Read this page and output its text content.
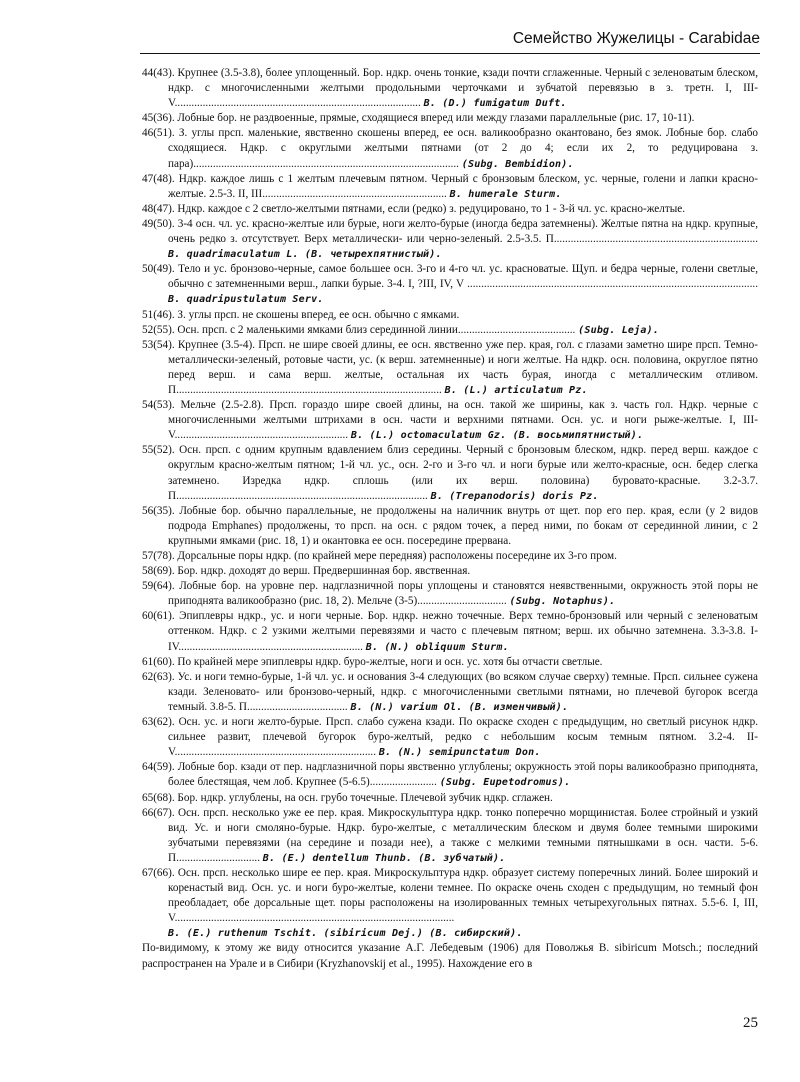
Семейство Жужелицы - Carabidae

44(43). Крупнее (3.5-3.8), более уплощенный. Бор. ндкр. очень тонкие, кзади почти сглаженные. Черный с зеленоватым блеском, ндкр. с многочисленными желтыми продольными черточками и зубчатой перевязью в з. третн. I, III-V........................................................................................ B. (D.) fumigatum Duft.

45(36). Лобные бор. не раздвоенные, прямые, сходящиеся вперед или между глазами параллельные (рис. 17, 10-11).

46(51). З. углы прсп. маленькие, явственно скошены вперед, ее осн. валикообразно окантовано, без ямок. Лобные бор. слабо сходящиеся. Ндкр. с округлыми желтыми пятнами (от 2 до 4; если их 2, то редуцирована з. пара)............................................................................................... (Subg. Bembidion).

47(48). Ндкр. каждое лишь с 1 желтым плечевым пятном. Черный с бронзовым блеском, ус. черные, голени и лапки красно-желтые. 2.5-3. II, III.................................................................. B. humerale Sturm.

48(47). Ндкр. каждое с 2 светло-желтыми пятнами, если (редко) з. редуцировано, то 1 - 3-й чл. ус. красно-желтые.

49(50). 3-4 осн. чл. ус. красно-желтые или бурые, ноги желто-бурые (иногда бедра затемнены). Желтые пятна на ндкр. крупные, очень редко з. отсутствует. Верх металлически- или черно-зеленый. 2.5-3.5. П......................................................................... B. quadrimaculatum L. (B. четырехпятнистый).

50(49). Тело и ус. бронзово-черные, самое большее осн. 3-го и 4-го чл. ус. красноватые. Щуп. и бедра черные, голени светлые, обычно с затемненными верш., лапки бурые. 3-4. I, ?III, IV, V ........................................................................................................ B. quadripustulatum Serv.

51(46). З. углы прсп. не скошены вперед, ее осн. обычно с ямками.

52(55). Осн. прсп. с 2 маленькими ямками близ серединной линии.......................................... (Subg. Leja).

53(54). Крупнее (3.5-4). Прсп. не шире своей длины, ее осн. явственно уже пер. края, гол. с глазами заметно шире прсп. Темно-металлически-зеленый, ротовые части, ус. (к верш. затемненные) и ноги желтые. На ндкр. осн. половина, округлое пятно перед верш. и сама верш. желтые, остальная их часть бурая, иногда с металлическим отливом. П............................................................................................... B. (L.) articulatum Pz.

54(53). Мельче (2.5-2.8). Прсп. гораздо шире своей длины, на осн. такой же ширины, как з. часть гол. Ндкр. черные с многочисленными желтыми штрихами в осн. части и верхними пятнами. Осн. ус. и ноги рыже-желтые. I, III-V.............................................................. B. (L.) octomaculatum Gz. (B. восьмипятнистый).

55(52). Осн. прсп. с одним крупным вдавлением близ середины. Черный с бронзовым блеском, ндкр. перед верш. каждое с округлым красно-желтым пятном; 1-й чл. ус., осн. 2-го и 3-го чл. и ноги бурые или желто-красные, осн. бедер слегка затемнено. Изредка ндкр. сплошь (или их верш. половина) буровато-красные. 3.2-3.7. П.......................................................................................... B. (Trepanodoris) doris Pz.

56(35). Лобные бор. обычно параллельные, не продолжены на наличник внутрь от щет. пор его пер. края, если (у 2 видов подрода Emphanes) продолжены, то прсп. на осн. с рядом точек, а перед ними, по бокам от серединной линии, с 2 крупными ямками (рис. 18, 1) и окантовка ее осн. посередине прервана.

57(78). Дорсальные поры ндкр. (по крайней мере передняя) расположены посередине их 3-го пром.

58(69). Бор. ндкр. доходят до верш. Предвершинная бор. явственная.

59(64). Лобные бор. на уровне пер. надглазничной поры уплощены и становятся неявственными, окружность этой поры не приподнята валикообразно (рис. 18, 2). Мельче (3-5)................................ (Subg. Notaphus).

60(61). Эпиплевры ндкр., ус. и ноги черные. Бор. ндкр. нежно точечные. Верх темно-бронзовый или черный с зеленоватым оттенком. Ндкр. с 2 узкими желтыми перевязями и часто с плечевым пятном; верш. их обычно затемнена. 3.3-3.8. I-IV.................................................................. B. (N.) obliquum Sturm.

61(60). По крайней мере эпиплевры ндкр. буро-желтые, ноги и осн. ус. хотя бы отчасти светлые.

62(63). Ус. и ноги темно-бурые, 1-й чл. ус. и основания 3-4 следующих (во всяком случае сверху) темные. Прсп. сильнее сужена кзади. Зеленовато- или бронзово-черный, ндкр. с многочисленными светлыми пятнами, но плечевой бугорок всегда темный. 3.8-5. П.................................... B. (N.) varium Ol. (B. изменчивый).

63(62). Осн. ус. и ноги желто-бурые. Прсп. слабо сужена кзади. По окраске сходен с предыдущим, но светлый рисунок ндкр. сильнее развит, плечевой бугорок буро-желтый, редко с небольшим косым темным пятном. 3.2-4. II-V........................................................................ B. (N.) semipunctatum Don.

64(59). Лобные бор. кзади от пер. надглазничной поры явственно углублены; окружность этой поры валикообразно приподнята, более блестящая, чем лоб. Крупнее (5-6.5)........................ (Subg. Eupetodromus).

65(68). Бор. ндкр. углублены, на осн. грубо точечные. Плечевой зубчик ндкр. сглажен.

66(67). Осн. прсп. несколько уже ее пер. края. Микроскульптура ндкр. тонко поперечно морщинистая. Более стройный и узкий вид. Ус. и ноги смоляно-бурые. Ндкр. буро-желтые, с металлическим блеском и двумя более темными широкими зубчатыми перевязями (на середине и позади нее), а также с мелкими темными пятнышками в осн. части. 5-6. П.............................. B. (E.) dentellum Thunb. (B. зубчатый).

67(66). Осн. прсп. несколько шире ее пер. края. Микроскульптура ндкр. образует систему поперечных линий. Более широкий и коренастый вид. Осн. ус. и ноги буро-желтые, колени темнее. По окраске очень сходен с предыдущим, но темный фон преобладает, обе дорсальные щет. поры расположены на изолированных темных четырехугольных пятнах. 5.5-6. I, III, V.................................................................................................... B. (E.) ruthenum Tschit. (sibiricum Dej.) (B. сибирский).

По-видимому, к этому же виду относится указание А.Г. Лебедевым (1906) для Поволжья B. sibiricum Motsch.; последний распространен на Урале и в Сибири (Kryzhanovskij et al., 1995). Нахождение его в

25
